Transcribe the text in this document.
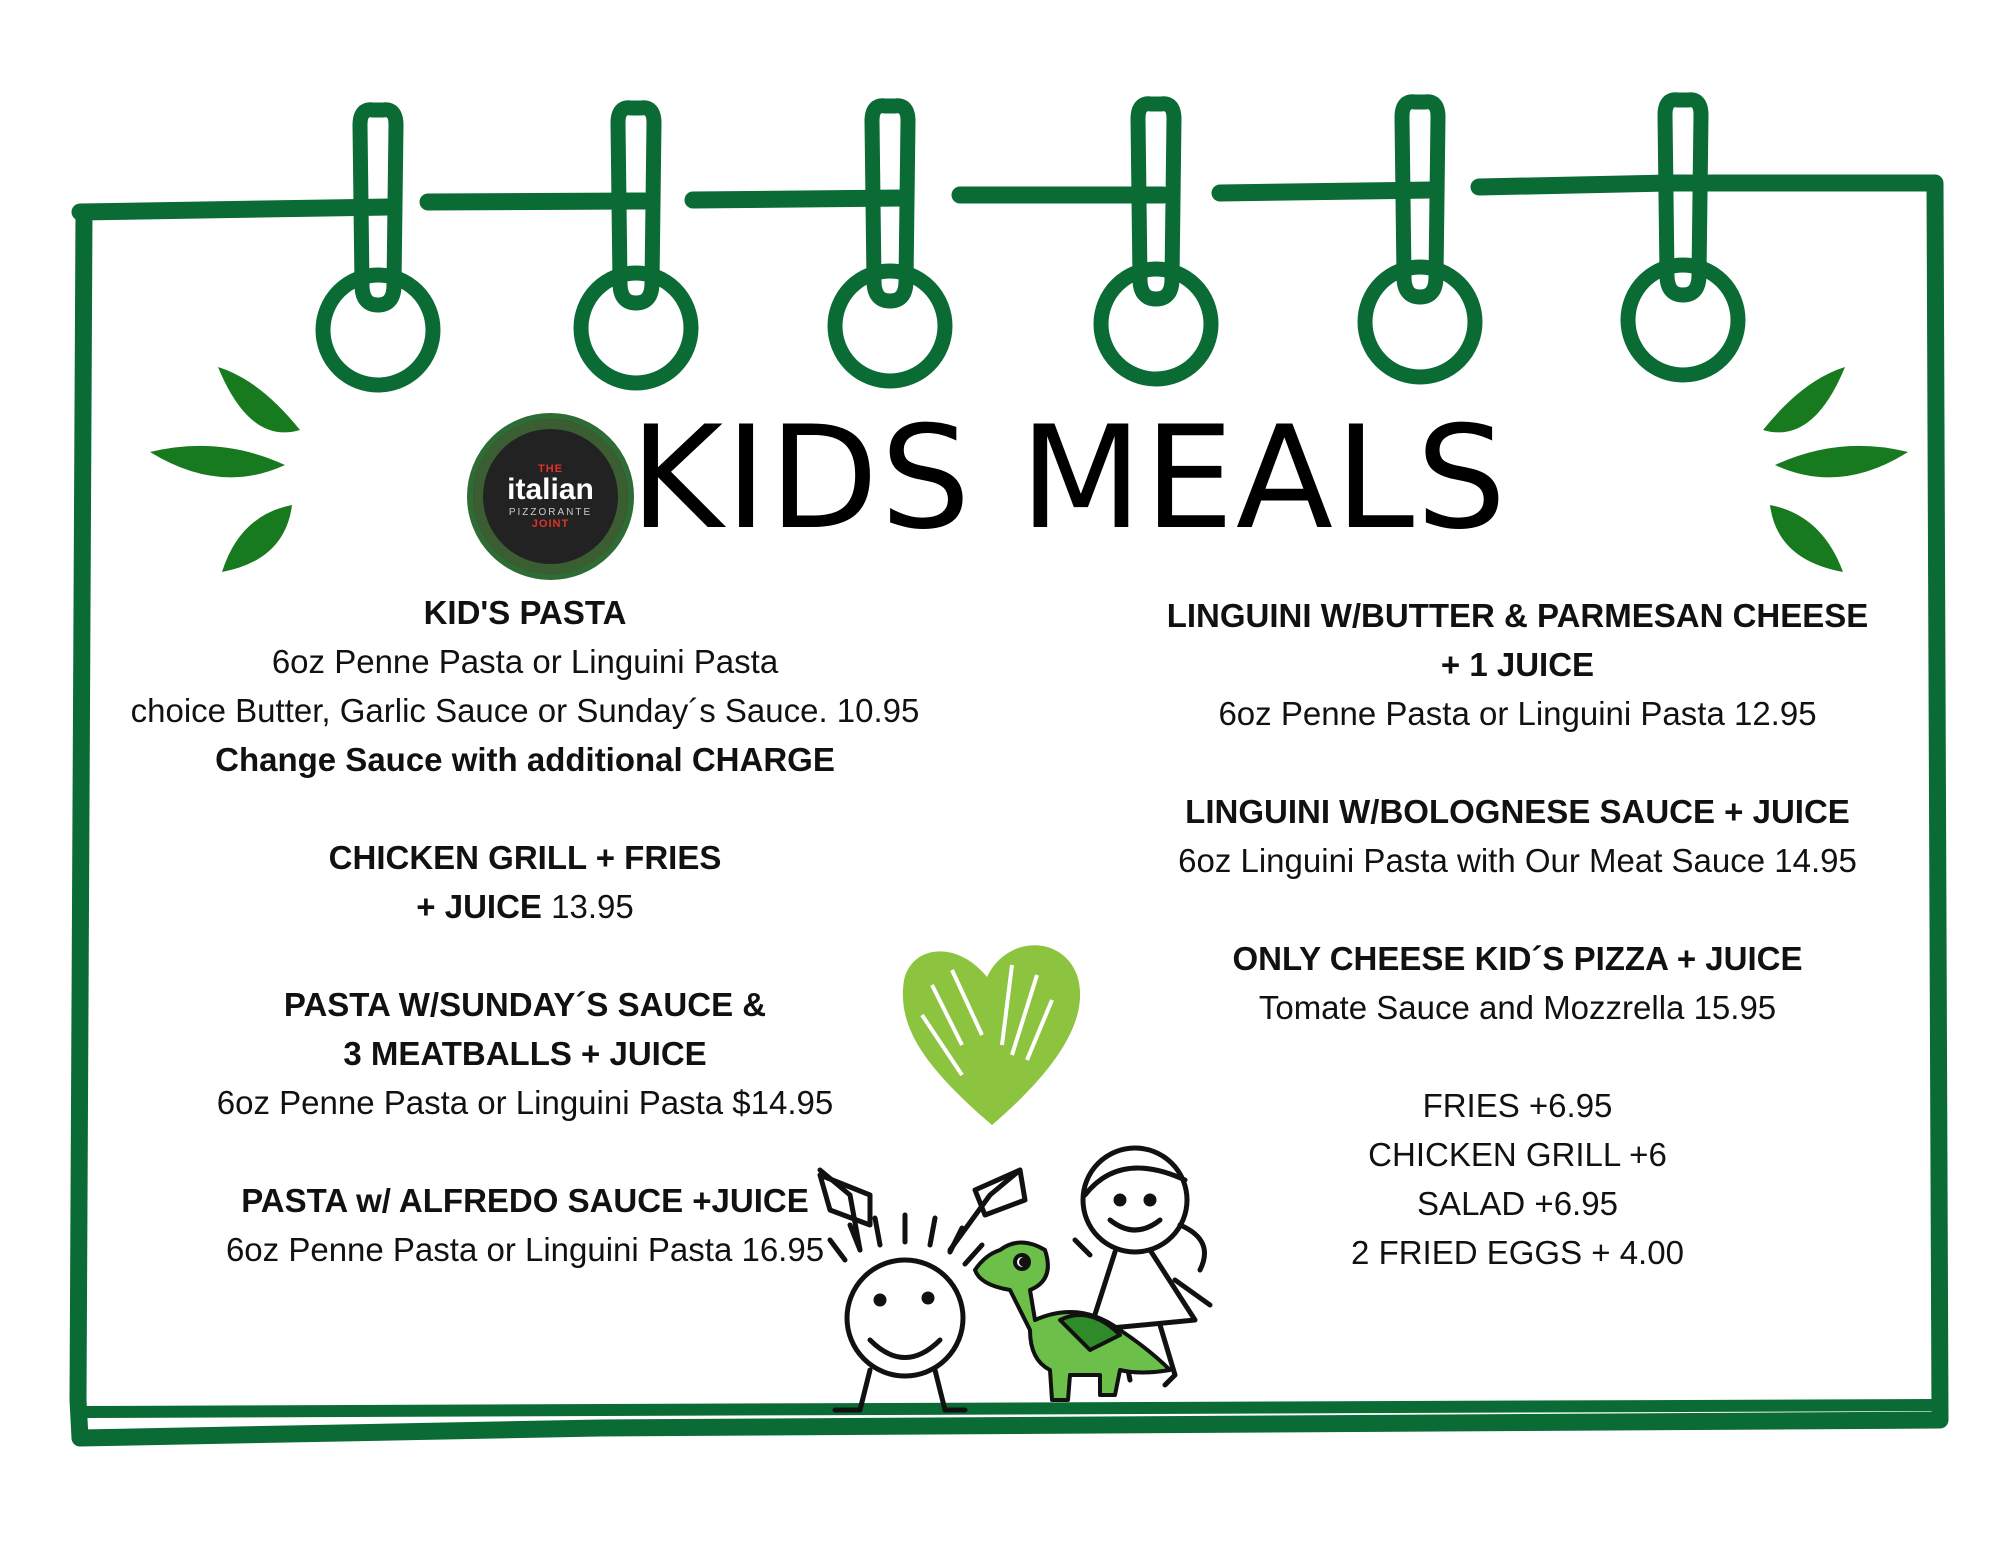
THE
italian
PIZZORANTE
JOINT KIDS MEALS
KID'S PASTA
6oz Penne Pasta or Linguini Pasta
choice Butter, Garlic Sauce or Sunday´s Sauce. 10.95
Change Sauce with additional CHARGE
CHICKEN GRILL + FRIES
+ JUICE 13.95
PASTA W/SUNDAY´S SAUCE &
3 MEATBALLS + JUICE
6oz Penne Pasta or Linguini Pasta $14.95
PASTA w/ ALFREDO SAUCE +JUICE
6oz Penne Pasta or Linguini Pasta 16.95
LINGUINI W/BUTTER & PARMESAN CHEESE
+ 1 JUICE
6oz Penne Pasta or Linguini Pasta 12.95
LINGUINI W/BOLOGNESE SAUCE + JUICE
6oz Linguini Pasta with Our Meat Sauce 14.95
ONLY CHEESE KID´S PIZZA + JUICE
Tomate Sauce and Mozzrella 15.95
FRIES +6.95
CHICKEN GRILL +6
SALAD +6.95
2 FRIED EGGS + 4.00
